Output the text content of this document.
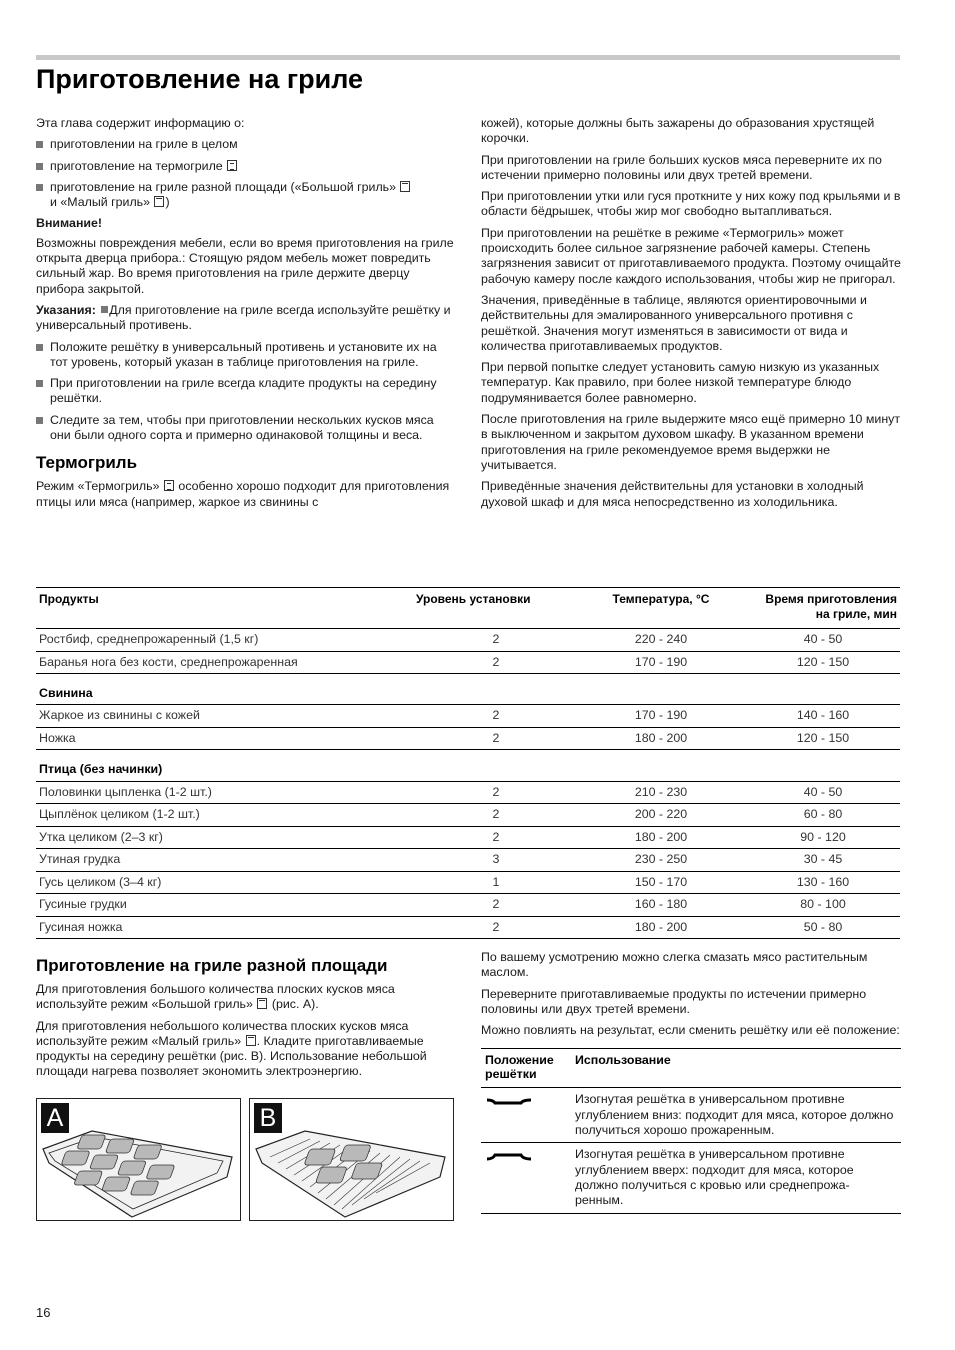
Приготовление на гриле

Эта глава содержит информацию о:

приготовлении на гриле в целом
приготовление на термогриле
приготовление на гриле разной площади («Большой гриль»
и «Малый гриль» )
Внимание!

Возможны повреждения мебели, если во время приготовления на гриле открыта дверца прибора.: Стоящую рядом мебель может повредить сильный жар. Во время приготовления на гриле держите дверцу прибора закрытой.

Указания: Для приготовление на гриле всегда используйте решётку и универсальный противень.

Положите решётку в универсальный противень и установите их на тот уровень, который указан в таблице приготовления на гриле.
При приготовлении на гриле всегда кладите продукты на середину решётки.
Следите за тем, чтобы при приготовлении нескольких кусков мяса они были одного сорта и примерно одинаковой толщины и веса.
Термогриль

Режим «Термогриль» особенно хорошо подходит для приготовления птицы или мяса (например, жаркое из свинины с

кожей), которые должны быть зажарены до образования хрустящей корочки.

При приготовлении на гриле больших кусков мяса переверните их по истечении примерно половины или двух третей времени.

При приготовлении утки или гуся проткните у них кожу под крыльями и в области бёдрышек, чтобы жир мог свободно вытапливаться.

При приготовлении на решётке в режиме «Термогриль» может происходить более сильное загрязнение рабочей камеры. Степень загрязнения зависит от приготавливаемого продукта. Поэтому очищайте рабочую камеру после каждого использования, чтобы жир не пригорал.

Значения, приведённые в таблице, являются ориентировочными и действительны для эмалированного универсального противня с решёткой. Значения могут изменяться в зависимости от вида и количества приготавливаемых продуктов.

При первой попытке следует установить самую низкую из указанных температур. Как правило, при более низкой температуре блюдо подрумянивается более равномерно.

После приготовления на гриле выдержите мясо ещё примерно 10 минут в выключенном и закрытом духовом шкафу. В указанном времени приготовления на гриле рекомендуемое время выдержки не учитывается.

Приведённые значения действительны для установки в холодный духовой шкаф и для мяса непосредственно из холодильника.

Продукты	Уровень установки	Температура, °C	Время приготовления на гриле, мин
Ростбиф, среднепрожаренный (1,5 кг)	2	220 - 240	40 - 50
Баранья нога без кости, среднепрожаренная	2	170 - 190	120 - 150
Свинина			
Жаркое из свинины с кожей	2	170 - 190	140 - 160
Ножка	2	180 - 200	120 - 150
Птица (без начинки)			
Половинки цыпленка (1-2 шт.)	2	210 - 230	40 - 50
Цыплёнок целиком (1-2 шт.)	2	200 - 220	60 - 80
Утка целиком (2–3 кг)	2	180 - 200	90 - 120
Утиная грудка	3	230 - 250	30 - 45
Гусь целиком (3–4 кг)	1	150 - 170	130 - 160
Гусиные грудки	2	160 - 180	80 - 100
Гусиная ножка	2	180 - 200	50 - 80
Приготовление на гриле разной площади

Для приготовления большого количества плоских кусков мяса используйте режим «Большой гриль» (рис. A).

Для приготовления небольшого количества плоских кусков мяса используйте режим «Малый гриль» . Кладите приготавливаемые продукты на середину решётки (рис. B). Использование небольшой площади нагрева позволяет экономить электроэнергию.

A	B

По вашему усмотрению можно слегка смазать мясо растительным маслом.

Переверните приготавливаемые продукты по истечении примерно половины или двух третей времени.

Можно повлиять на результат, если сменить решётку или её положение:

Положение решётки	Использование
	Изогнутая решётка в универсальном противне углублением вниз: подходит для мяса, которое должно получиться хорошо прожаренным.
	Изогнутая решётка в универсальном противне углублением вверх: подходит для мяса, которое должно получиться с кровью или среднепрожа-ренным.
16
